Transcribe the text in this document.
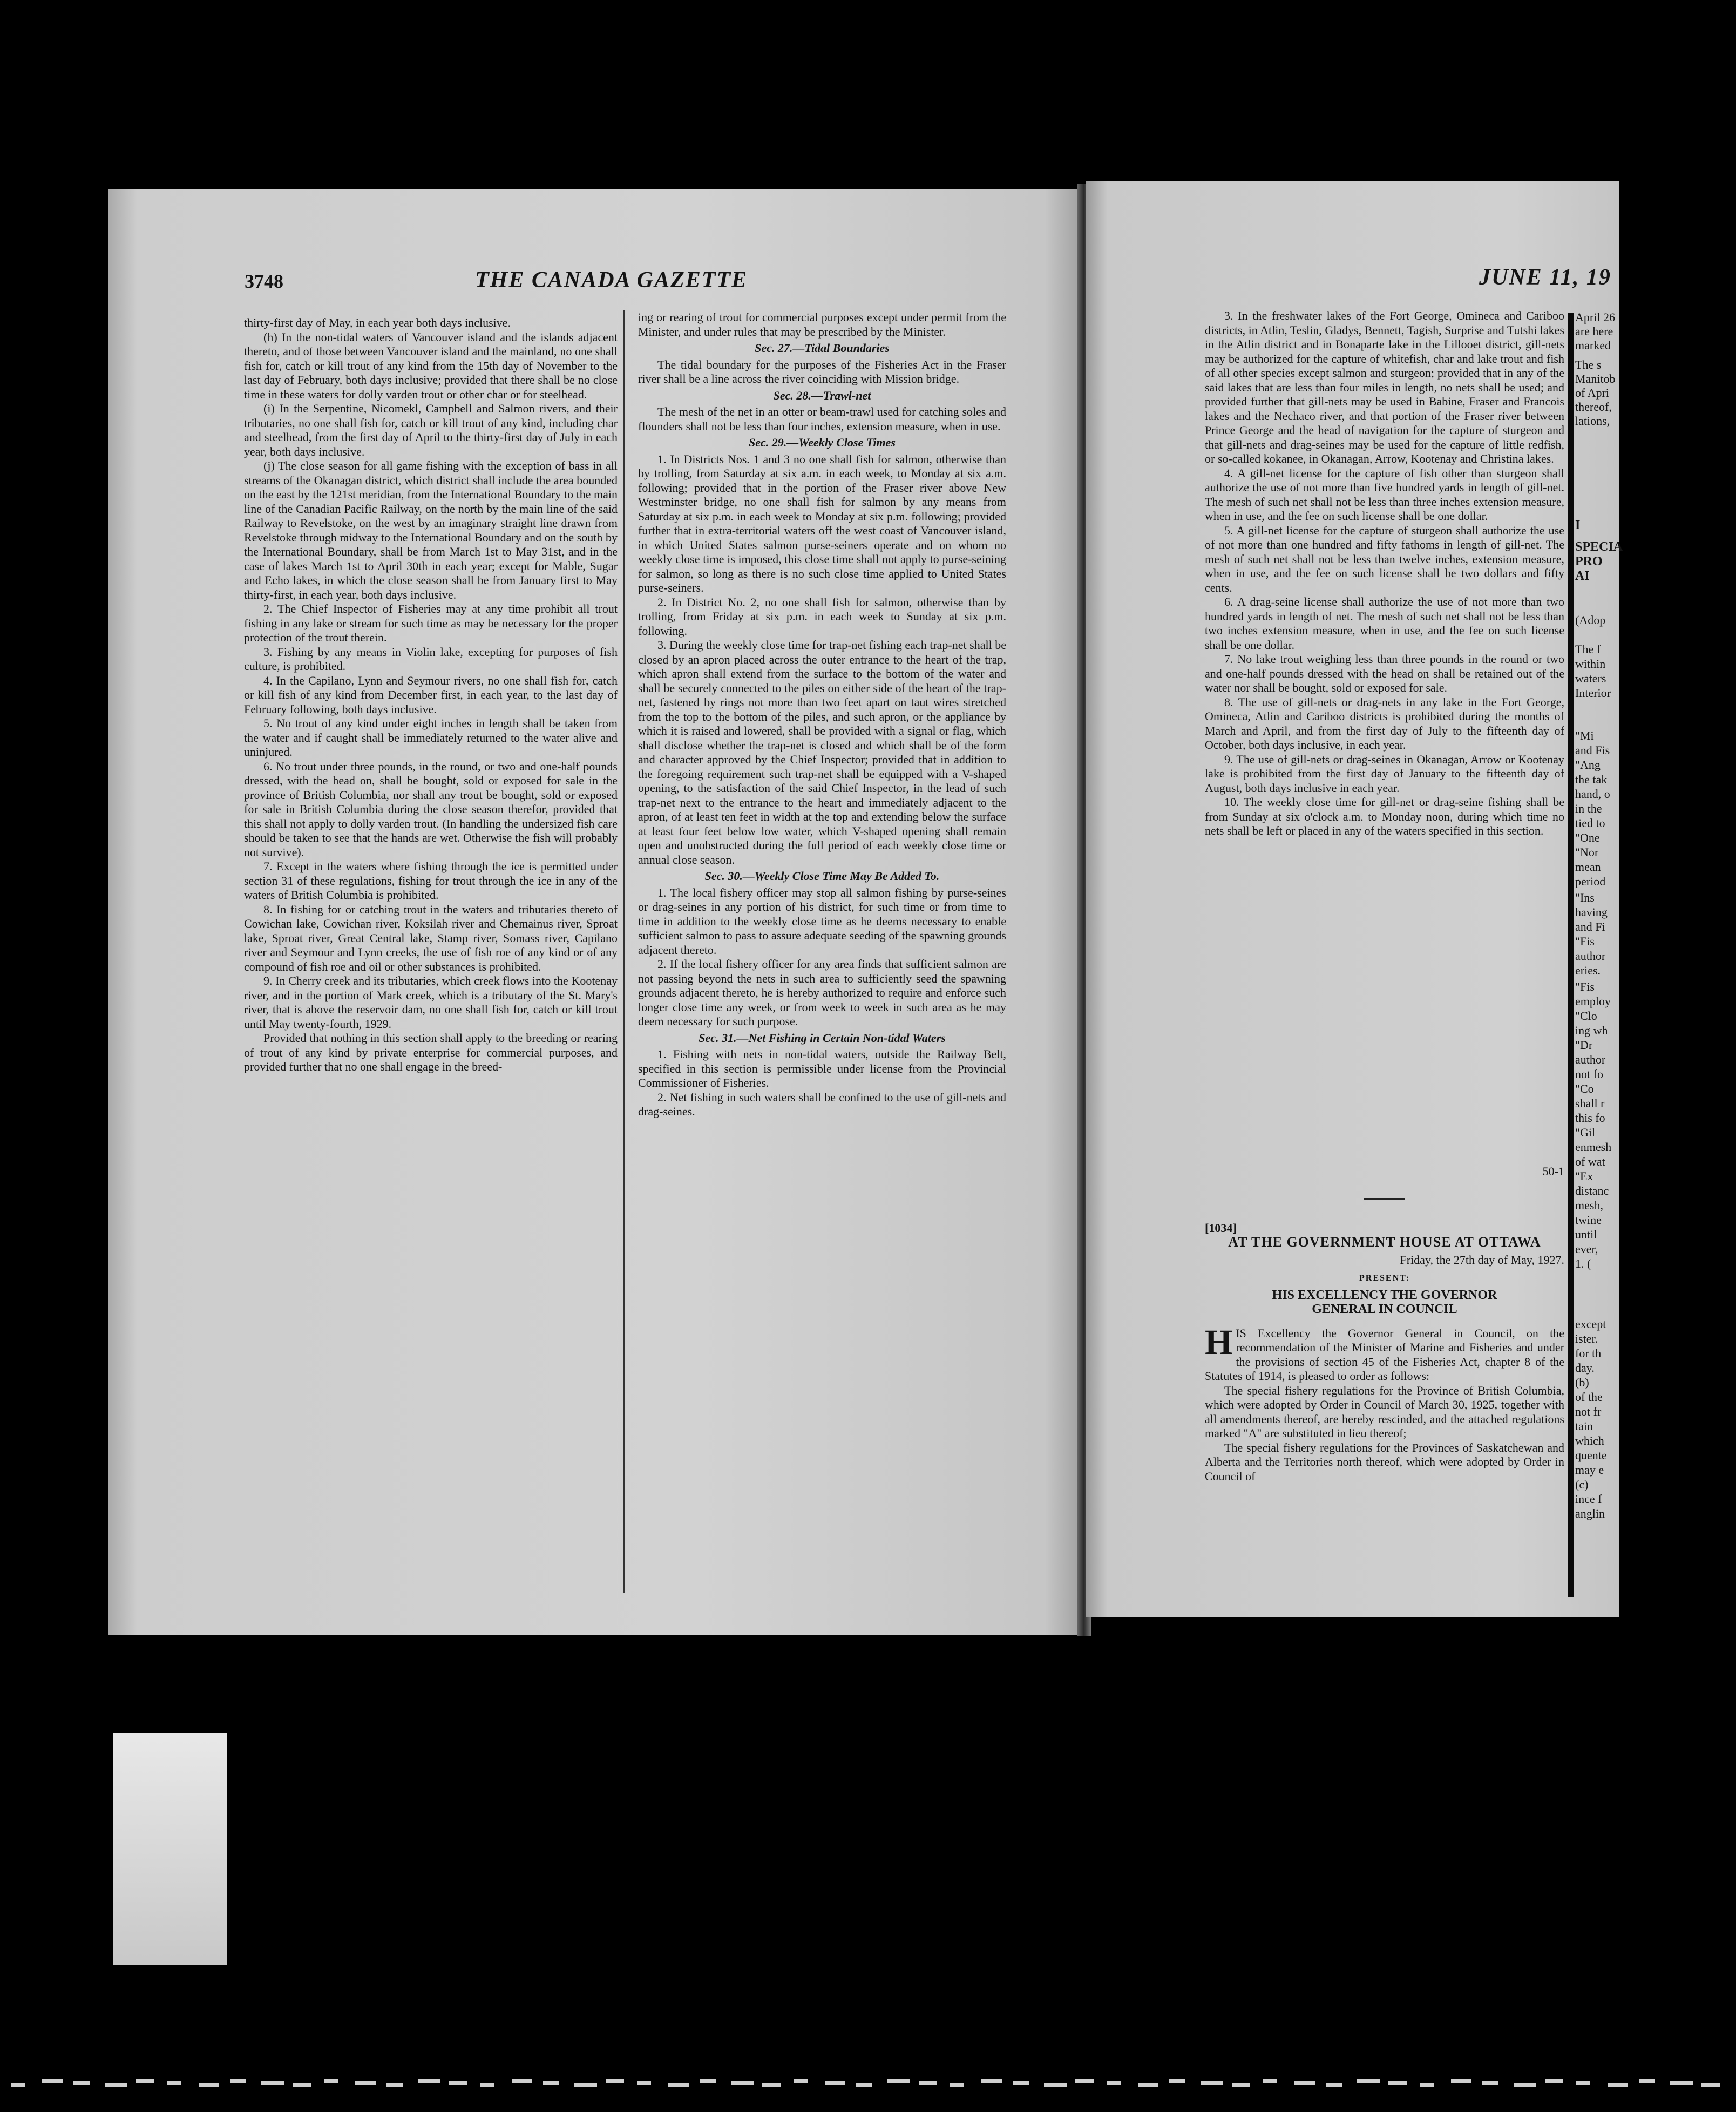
3748	THE CANADA GAZETTE	JUNE 11, 19

thirty-first day of May, in each year both days inclusive.

(h) In the non-tidal waters of Vancouver island and the islands adjacent thereto, and of those between Vancouver island and the mainland, no one shall fish for, catch or kill trout of any kind from the 15th day of November to the last day of February, both days inclusive; provided that there shall be no close time in these waters for dolly varden trout or other char or for steelhead.

(i) In the Serpentine, Nicomekl, Campbell and Salmon rivers, and their tributaries, no one shall fish for, catch or kill trout of any kind, including char and steelhead, from the first day of April to the thirty-first day of July in each year, both days inclusive.

(j) The close season for all game fishing with the exception of bass in all streams of the Okanagan district, which district shall include the area bounded on the east by the 121st meridian, from the International Boundary to the main line of the Canadian Pacific Railway, on the north by the main line of the said Railway to Revelstoke, on the west by an imaginary straight line drawn from Revelstoke through midway to the International Boundary and on the south by the International Boundary, shall be from March 1st to May 31st, and in the case of lakes March 1st to April 30th in each year; except for Mable, Sugar and Echo lakes, in which the close season shall be from January first to May thirty-first, in each year, both days inclusive.

2. The Chief Inspector of Fisheries may at any time prohibit all trout fishing in any lake or stream for such time as may be necessary for the proper protection of the trout therein.

3. Fishing by any means in Violin lake, excepting for purposes of fish culture, is prohibited.

4. In the Capilano, Lynn and Seymour rivers, no one shall fish for, catch or kill fish of any kind from December first, in each year, to the last day of February following, both days inclusive.

5. No trout of any kind under eight inches in length shall be taken from the water and if caught shall be immediately returned to the water alive and uninjured.

6. No trout under three pounds, in the round, or two and one-half pounds dressed, with the head on, shall be bought, sold or exposed for sale in the province of British Columbia, nor shall any trout be bought, sold or exposed for sale in British Columbia during the close season therefor, provided that this shall not apply to dolly varden trout. (In handling the undersized fish care should be taken to see that the hands are wet. Otherwise the fish will probably not survive).

7. Except in the waters where fishing through the ice is permitted under section 31 of these regulations, fishing for trout through the ice in any of the waters of British Columbia is prohibited.

8. In fishing for or catching trout in the waters and tributaries thereto of Cowichan lake, Cowichan river, Koksilah river and Chemainus river, Sproat lake, Sproat river, Great Central lake, Stamp river, Somass river, Capilano river and Seymour and Lynn creeks, the use of fish roe of any kind or of any compound of fish roe and oil or other substances is prohibited.

9. In Cherry creek and its tributaries, which creek flows into the Kootenay river, and in the portion of Mark creek, which is a tributary of the St. Mary's river, that is above the reservoir dam, no one shall fish for, catch or kill trout until May twenty-fourth, 1929.

Provided that nothing in this section shall apply to the breeding or rearing of trout of any kind by private enterprise for commercial purposes, and provided further that no one shall engage in the breed-

ing or rearing of trout for commercial purposes except under permit from the Minister, and under rules that may be prescribed by the Minister.

Sec. 27.—Tidal Boundaries

The tidal boundary for the purposes of the Fisheries Act in the Fraser river shall be a line across the river coinciding with Mission bridge.

Sec. 28.—Trawl-net

The mesh of the net in an otter or beam-trawl used for catching soles and flounders shall not be less than four inches, extension measure, when in use.

Sec. 29.—Weekly Close Times

1. In Districts Nos. 1 and 3 no one shall fish for salmon, otherwise than by trolling, from Saturday at six a.m. in each week, to Monday at six a.m. following; provided that in the portion of the Fraser river above New Westminster bridge, no one shall fish for salmon by any means from Saturday at six p.m. in each week to Monday at six p.m. following; provided further that in extra-territorial waters off the west coast of Vancouver island, in which United States salmon purse-seiners operate and on whom no weekly close time is imposed, this close time shall not apply to purse-seining for salmon, so long as there is no such close time applied to United States purse-seiners.

2. In District No. 2, no one shall fish for salmon, otherwise than by trolling, from Friday at six p.m. in each week to Sunday at six p.m. following.

3. During the weekly close time for trap-net fishing each trap-net shall be closed by an apron placed across the outer entrance to the heart of the trap, which apron shall extend from the surface to the bottom of the water and shall be securely connected to the piles on either side of the heart of the trap-net, fastened by rings not more than two feet apart on taut wires stretched from the top to the bottom of the piles, and such apron, or the appliance by which it is raised and lowered, shall be provided with a signal or flag, which shall disclose whether the trap-net is closed and which shall be of the form and character approved by the Chief Inspector; provided that in addition to the foregoing requirement such trap-net shall be equipped with a V-shaped opening, to the satisfaction of the said Chief Inspector, in the lead of such trap-net next to the entrance to the heart and immediately adjacent to the apron, of at least ten feet in width at the top and extending below the surface at least four feet below low water, which V-shaped opening shall remain open and unobstructed during the full period of each weekly close time or annual close season.

Sec. 30.—Weekly Close Time May Be Added To.

1. The local fishery officer may stop all salmon fishing by purse-seines or drag-seines in any portion of his district, for such time or from time to time in addition to the weekly close time as he deems necessary to enable sufficient salmon to pass to assure adequate seeding of the spawning grounds adjacent thereto.

2. If the local fishery officer for any area finds that sufficient salmon are not passing beyond the nets in such area to sufficiently seed the spawning grounds adjacent thereto, he is hereby authorized to require and enforce such longer close time any week, or from week to week in such area as he may deem necessary for such purpose.

Sec. 31.—Net Fishing in Certain Non-tidal Waters

1. Fishing with nets in non-tidal waters, outside the Railway Belt, specified in this section is permissible under license from the Provincial Commissioner of Fisheries.

2. Net fishing in such waters shall be confined to the use of gill-nets and drag-seines.

3. In the freshwater lakes of the Fort George, Omineca and Cariboo districts, in Atlin, Teslin, Gladys, Bennett, Tagish, Surprise and Tutshi lakes in the Atlin district and in Bonaparte lake in the Lillooet district, gill-nets may be authorized for the capture of whitefish, char and lake trout and fish of all other species except salmon and sturgeon; provided that in any of the said lakes that are less than four miles in length, no nets shall be used; and provided further that gill-nets may be used in Babine, Fraser and Francois lakes and the Nechaco river, and that portion of the Fraser river between Prince George and the head of navigation for the capture of sturgeon and that gill-nets and drag-seines may be used for the capture of little redfish, or so-called kokanee, in Okanagan, Arrow, Kootenay and Christina lakes.

4. A gill-net license for the capture of fish other than sturgeon shall authorize the use of not more than five hundred yards in length of gill-net. The mesh of such net shall not be less than three inches extension measure, when in use, and the fee on such license shall be one dollar.

5. A gill-net license for the capture of sturgeon shall authorize the use of not more than one hundred and fifty fathoms in length of gill-net. The mesh of such net shall not be less than twelve inches, extension measure, when in use, and the fee on such license shall be two dollars and fifty cents.

6. A drag-seine license shall authorize the use of not more than two hundred yards in length of net. The mesh of such net shall not be less than two inches extension measure, when in use, and the fee on such license shall be one dollar.

7. No lake trout weighing less than three pounds in the round or two and one-half pounds dressed with the head on shall be retained out of the water nor shall be bought, sold or exposed for sale.

8. The use of gill-nets or drag-nets in any lake in the Fort George, Omineca, Atlin and Cariboo districts is prohibited during the months of March and April, and from the first day of July to the fifteenth day of October, both days inclusive, in each year.

9. The use of gill-nets or drag-seines in Okanagan, Arrow or Kootenay lake is prohibited from the first day of January to the fifteenth day of August, both days inclusive in each year.

10. The weekly close time for gill-net or drag-seine fishing shall be from Sunday at six o'clock a.m. to Monday noon, during which time no nets shall be left or placed in any of the waters specified in this section.

50-1

[1034]

AT THE GOVERNMENT HOUSE AT OTTAWA

Friday, the 27th day of May, 1927.

PRESENT:

HIS EXCELLENCY THE GOVERNOR GENERAL IN COUNCIL

HIS Excellency the Governor General in Council, on the recommendation of the Minister of Marine and Fisheries and under the provisions of section 45 of the Fisheries Act, chapter 8 of the Statutes of 1914, is pleased to order as follows:

The special fishery regulations for the Province of British Columbia, which were adopted by Order in Council of March 30, 1925, together with all amendments thereof, are hereby rescinded, and the attached regulations marked "A" are substituted in lieu thereof;

The special fishery regulations for the Provinces of Saskatchewan and Alberta and the Territories north thereof, which were adopted by Order in Council of

April 26
are here
marked
The s
Manitob
of Apri
thereof,
lations,
I
SPECIA
PRO
AI
(Adop
The f
within
waters
Interior
"Mi
and Fis
"Ang
the tak
hand, o
in the
tied to
"One
"Nor
mean
period
"Ins
having
and Fi
"Fis
author
eries.
"Fis
employ
"Clo
ing wh
"Dr
author
not fo
"Co
shall r
this fo
"Gil
enmesh
of wat
"Ex
distanc
mesh,
twine
until
ever,
1. (
except
ister.
for th
day.
(b)
of the
not fr
tain
which
quente
may e
(c)
ince f
anglin
